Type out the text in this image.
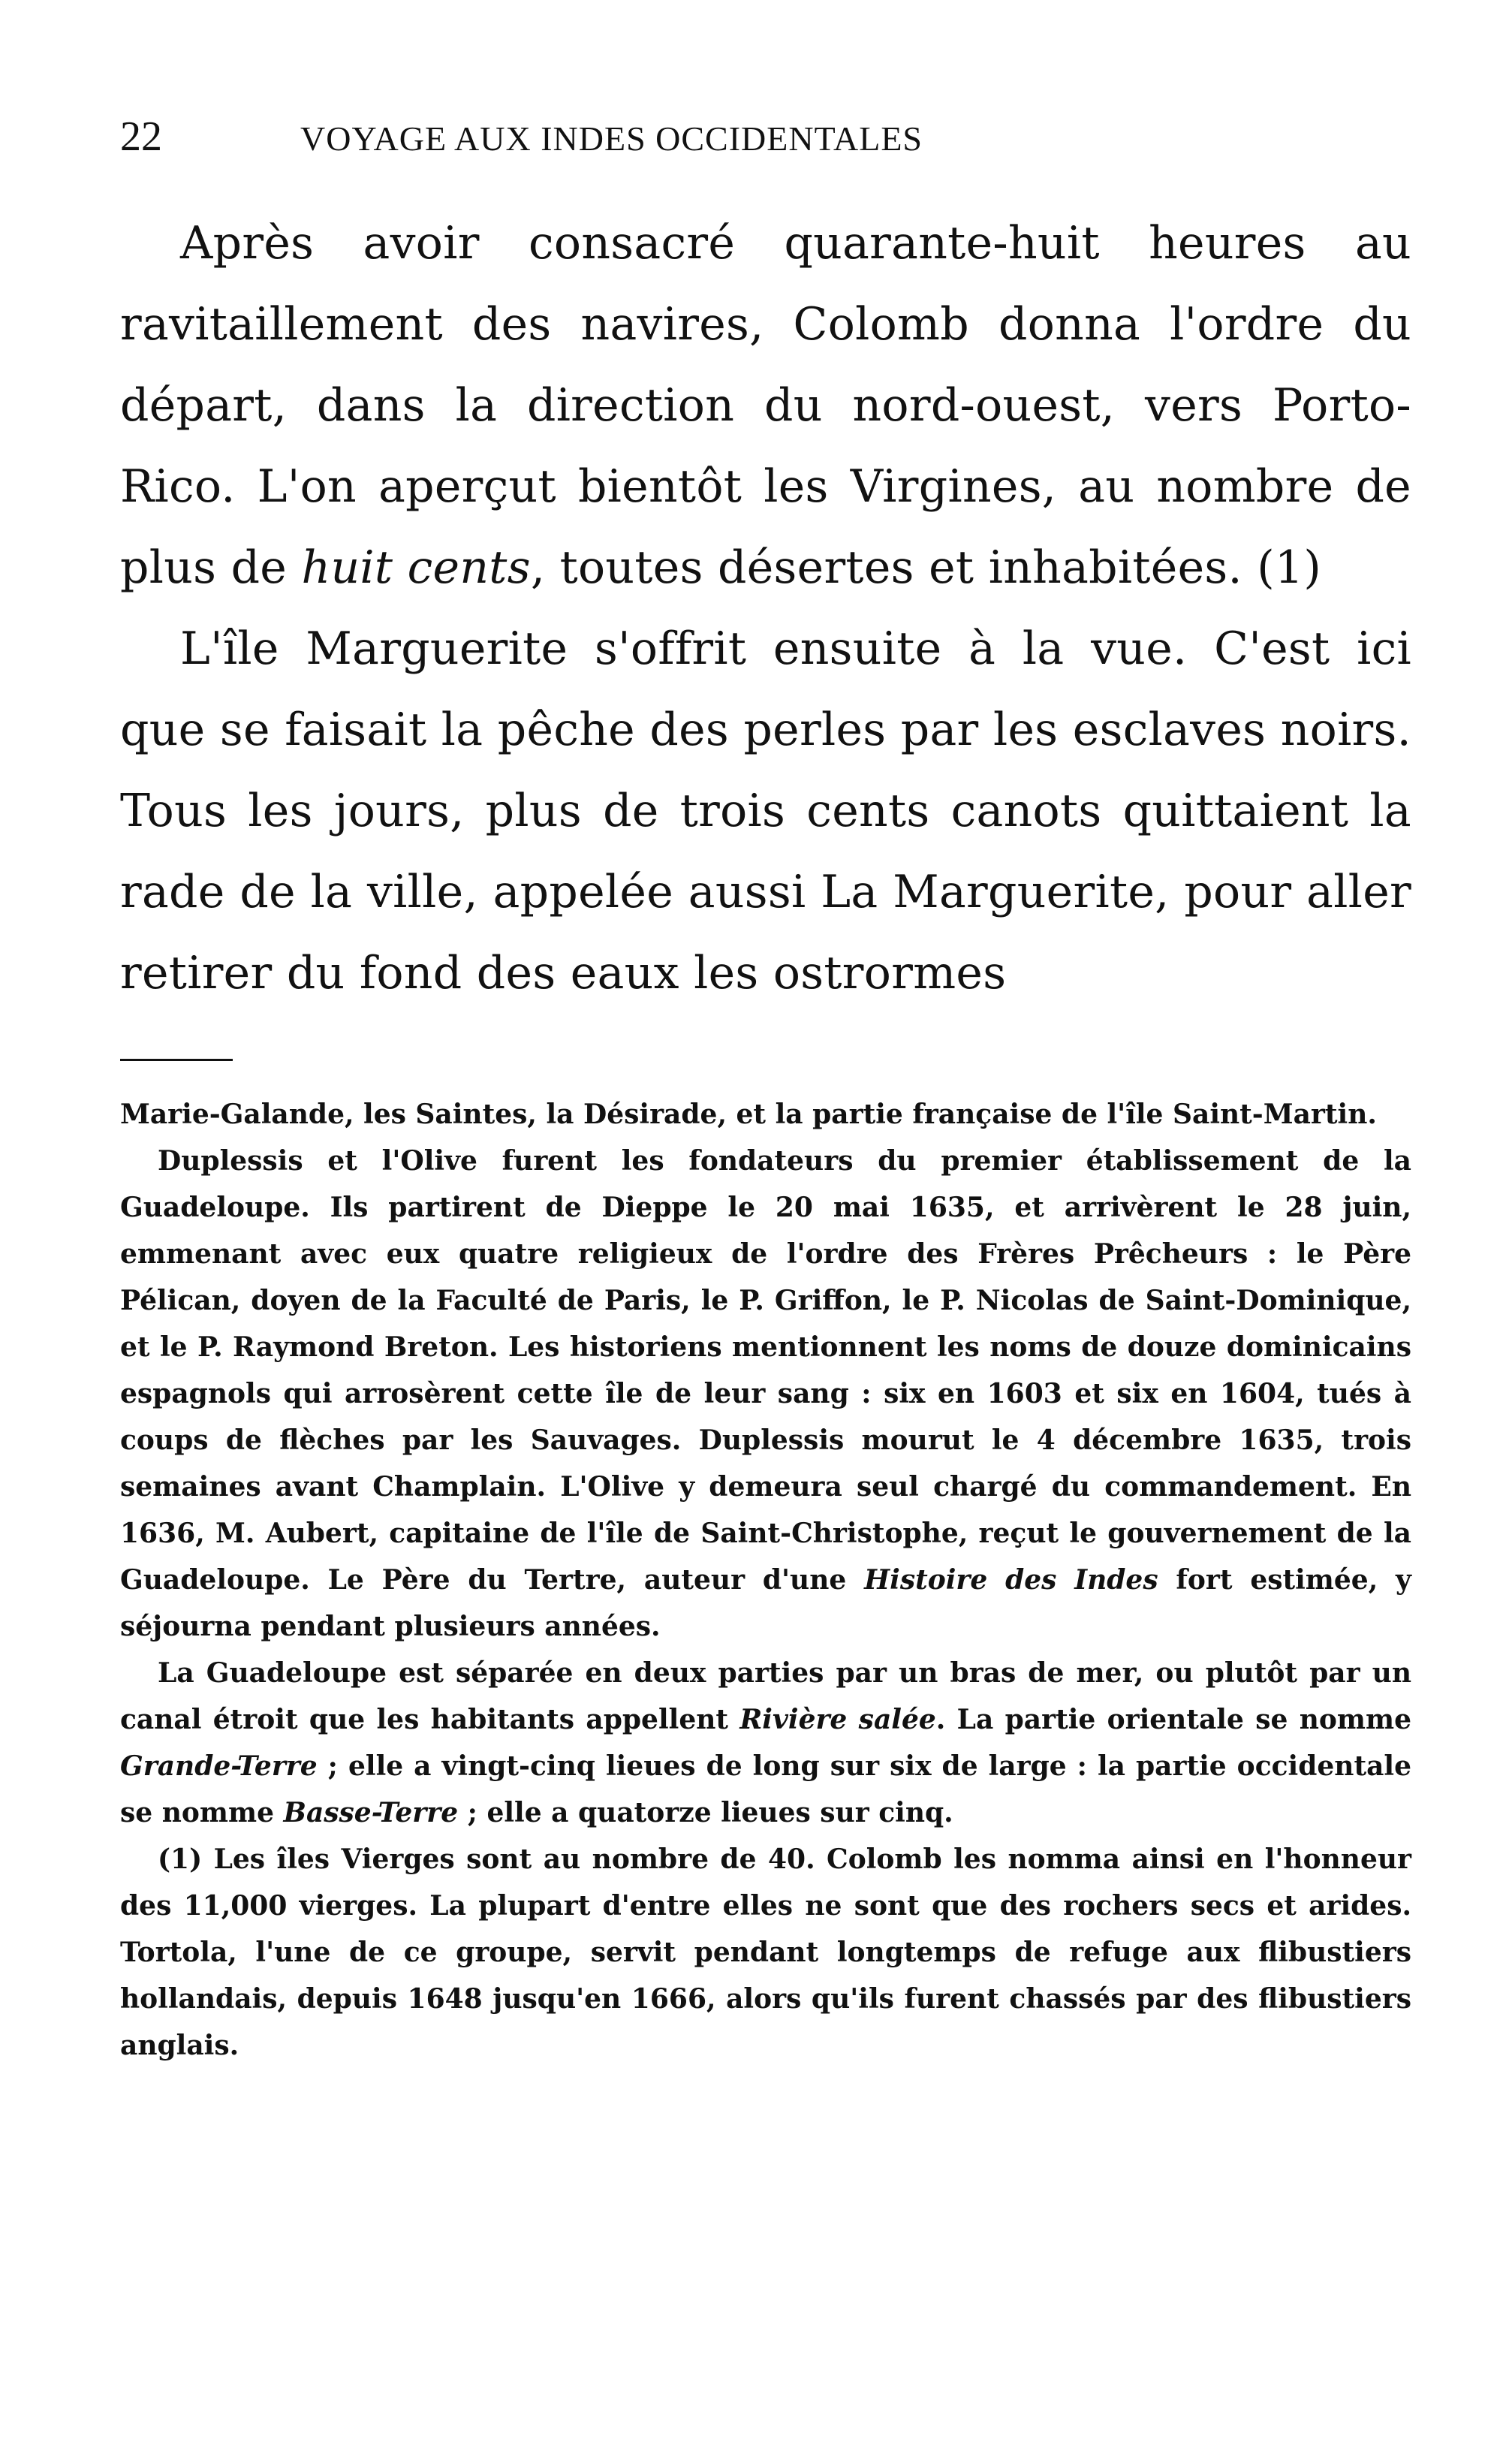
22	VOYAGE AUX INDES OCCIDENTALES

Après avoir consacré quarante-huit heures au ravitaillement des navires, Colomb donna l'ordre du départ, dans la direction du nord-ouest, vers Porto-Rico. L'on aperçut bientôt les Virgines, au nombre de plus de huit cents, toutes désertes et inhabitées. (1)

L'île Marguerite s'offrit ensuite à la vue. C'est ici que se faisait la pêche des perles par les esclaves noirs. Tous les jours, plus de trois cents canots quittaient la rade de la ville, appelée aussi La Marguerite, pour aller retirer du fond des eaux les ostrormes

Marie-Galande, les Saintes, la Désirade, et la partie française de l'île Saint-Martin.

Duplessis et l'Olive furent les fondateurs du premier établissement de la Guadeloupe. Ils partirent de Dieppe le 20 mai 1635, et arrivèrent le 28 juin, emmenant avec eux quatre religieux de l'ordre des Frères Prêcheurs : le Père Pélican, doyen de la Faculté de Paris, le P. Griffon, le P. Nicolas de Saint-Dominique, et le P. Raymond Breton. Les historiens mentionnent les noms de douze dominicains espagnols qui arrosèrent cette île de leur sang : six en 1603 et six en 1604, tués à coups de flèches par les Sauvages. Duplessis mourut le 4 décembre 1635, trois semaines avant Champlain. L'Olive y demeura seul chargé du commandement. En 1636, M. Aubert, capitaine de l'île de Saint-Christophe, reçut le gouvernement de la Guadeloupe. Le Père du Tertre, auteur d'une Histoire des Indes fort estimée, y séjourna pendant plusieurs années.

La Guadeloupe est séparée en deux parties par un bras de mer, ou plutôt par un canal étroit que les habitants appellent Rivière salée. La partie orientale se nomme Grande-Terre ; elle a vingt-cinq lieues de long sur six de large : la partie occidentale se nomme Basse-Terre ; elle a quatorze lieues sur cinq.

(1) Les îles Vierges sont au nombre de 40. Colomb les nomma ainsi en l'honneur des 11,000 vierges. La plupart d'entre elles ne sont que des rochers secs et arides. Tortola, l'une de ce groupe, servit pendant longtemps de refuge aux flibustiers hollandais, depuis 1648 jusqu'en 1666, alors qu'ils furent chassés par des flibustiers anglais.
